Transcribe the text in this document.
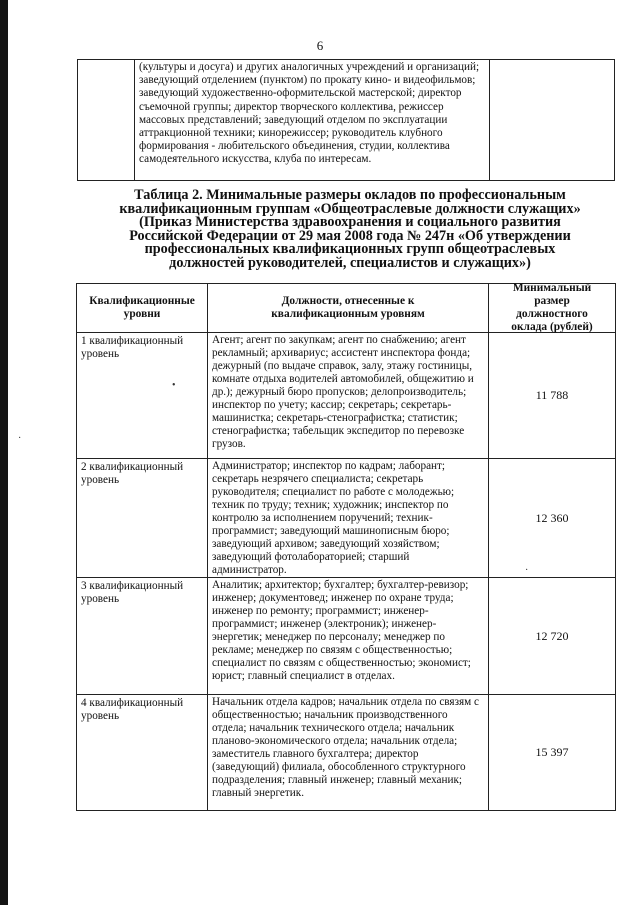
•
·
·
6

(культуры и досуга) и других аналогичных учреждений и организаций; заведующий отделением (пунктом) по прокату кино- и видеофильмов; заведующий художественно-оформительской мастерской; директор съемочной группы; директор творческого коллектива, режиссер массовых представлений; заведующий отделом по эксплуатации аттракционной техники; кинорежиссер; руководитель клубного формирования - любительского объединения, студии, коллектива самодеятельного искусства, клуба по интересам.

Таблица 2. Минимальные размеры окладов по профессиональным
квалификационным группам «Общеотраслевые должности служащих»
(Приказ Министерства здравоохранения и социального развития
Российской Федерации от 29 мая 2008 года № 247н «Об утверждении
профессиональных квалификационных групп общеотраслевых
должностей руководителей, специалистов и служащих»)
Квалификационные уровни	Должности, отнесенные к квалификационным уровням	Минимальный размер должностного оклада (рублей)

1 квалификационный уровень	Агент; агент по закупкам; агент по снабжению; агент рекламный; архивариус; ассистент инспектора фонда; дежурный (по выдаче справок, залу, этажу гостиницы, комнате отдыха водителей автомобилей, общежитию и др.); дежурный бюро пропусков; делопроизводитель; инспектор по учету; кассир; секретарь; секретарь-машинистка; секретарь-стенографистка; статистик; стенографистка; табельщик экспедитор по перевозке грузов.	11 788

2 квалификационный уровень	Администратор; инспектор по кадрам; лаборант; секретарь незрячего специалиста; секретарь руководителя; специалист по работе с молодежью; техник по труду; техник; художник; инспектор по контролю за исполнением поручений; техник-программист; заведующий машинописным бюро; заведующий архивом; заведующий хозяйством; заведующий фотолабораторией; старший администратор.	12 360

3 квалификационный уровень	Аналитик; архитектор; бухгалтер; бухгалтер-ревизор; инженер; документовед; инженер по охране труда; инженер по ремонту; программист; инженер-программист; инженер (электроник); инженер-энергетик; менеджер по персоналу; менеджер по рекламе; менеджер по связям с общественностью; специалист по связям с общественностью; экономист; юрист; главный специалист в отделах.	12 720

4 квалификационный уровень	Начальник отдела кадров; начальник отдела по связям с общественностью; начальник производственного отдела; начальник технического отдела; начальник планово-экономического отдела; начальник отдела; заместитель главного бухгалтера; директор (заведующий) филиала, обособленного структурного подразделения; главный инженер; главный механик; главный энергетик.	15 397
